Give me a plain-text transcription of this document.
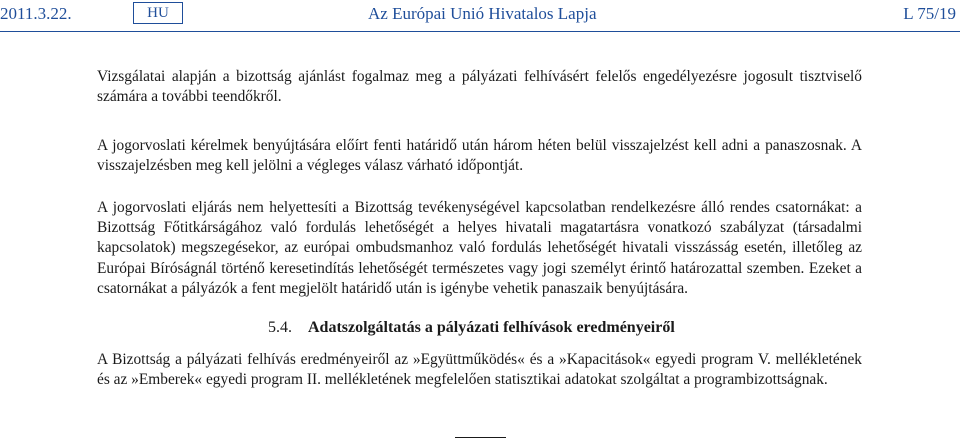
2011.3.22.	HU	Az Európai Unió Hivatalos Lapja	L 75/19

Vizsgálatai alapján a bizottság ajánlást fogalmaz meg a pályázati felhívásért felelős engedélyezésre jogosult tisztviselő számára a további teendőkről.

A jogorvoslati kérelmek benyújtására előírt fenti határidő után három héten belül visszajelzést kell adni a panaszosnak. A visszajelzésben meg kell jelölni a végleges válasz várható időpontját.

A jogorvoslati eljárás nem helyettesíti a Bizottság tevékenységével kapcsolatban rendelkezésre álló rendes csatornákat: a Bizottság Főtitkárságához való fordulás lehetőségét a helyes hivatali magatartásra vonatkozó szabályzat (társadalmi kapcsolatok) megszegésekor, az európai ombudsmanhoz való fordulás lehetőségét hivatali visszásság esetén, illetőleg az Európai Bíróságnál történő keresetindítás lehetőségét természetes vagy jogi személyt érintő határozattal szemben. Ezeket a csatornákat a pályázók a fent megjelölt határidő után is igénybe vehetik panaszaik benyújtására.

5.4. Adatszolgáltatás a pályázati felhívások eredményeiről

A Bizottság a pályázati felhívás eredményeiről az »Együttműködés« és a »Kapacitások« egyedi program V. mellékletének és az »Emberek« egyedi program II. mellékletének megfelelően statisztikai adatokat szolgáltat a programbizottságnak.
